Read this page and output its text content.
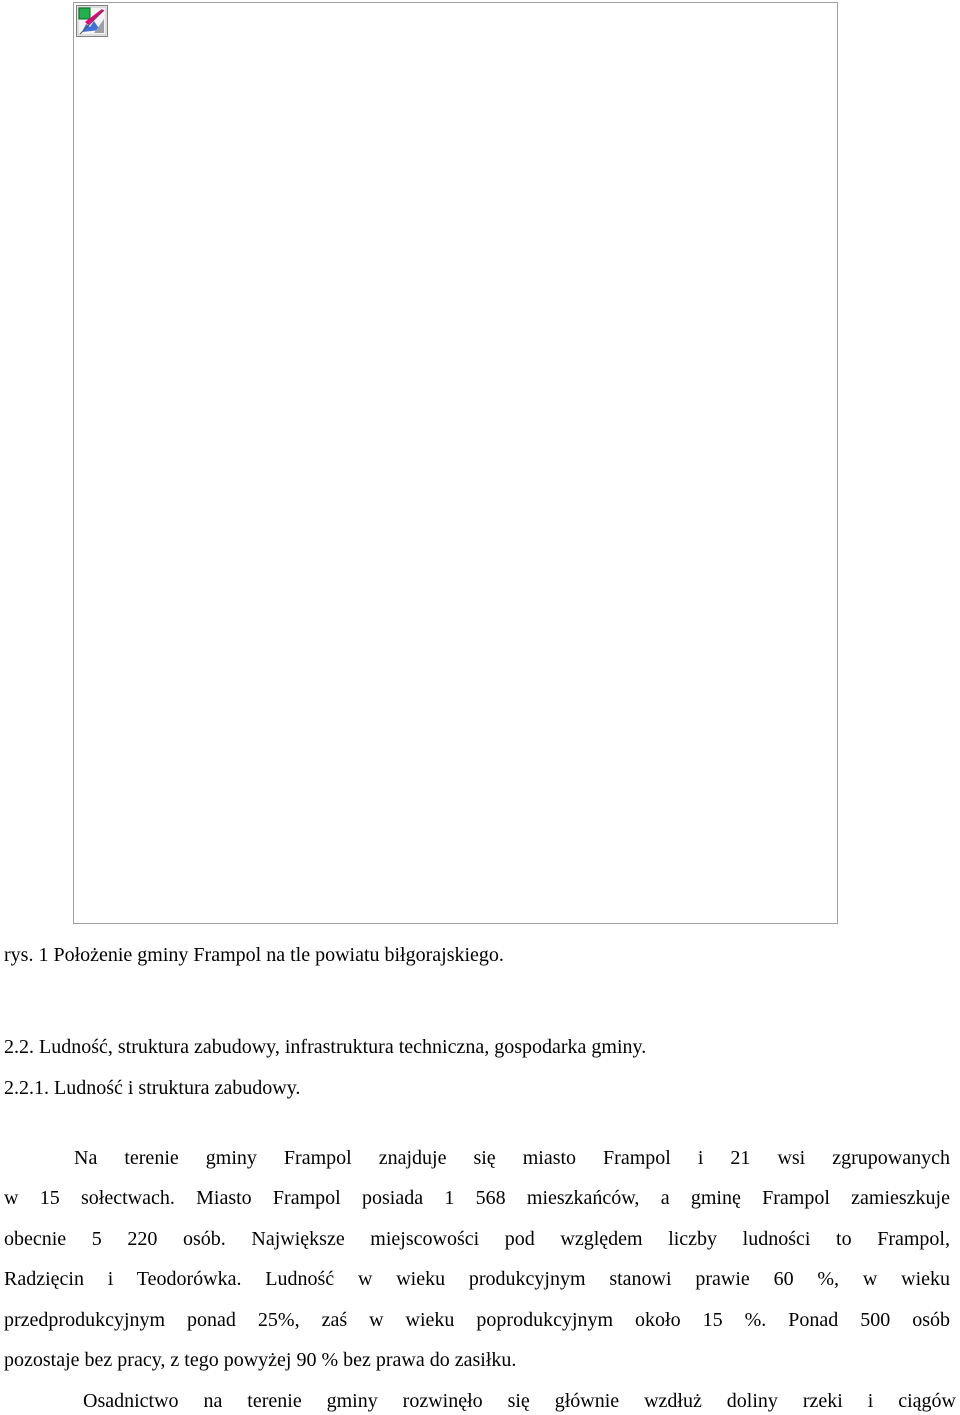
rys. 1 Położenie gminy Frampol na tle powiatu biłgorajskiego.
2.2. Ludność, struktura zabudowy, infrastruktura techniczna, gospodarka gminy.
2.2.1. Ludność i struktura zabudowy.
Na terenie gminy Frampol znajduje się miasto Frampol i 21 wsi zgrupowanych
w 15 sołectwach. Miasto Frampol posiada 1 568 mieszkańców, a gminę Frampol zamieszkuje
obecnie 5 220 osób. Największe miejscowości pod względem liczby ludności to Frampol,
Radzięcin i Teodorówka. Ludność w wieku produkcyjnym stanowi prawie 60 %, w wieku
przedprodukcyjnym ponad 25%, zaś w wieku poprodukcyjnym około 15 %. Ponad 500 osób
pozostaje bez pracy, z tego powyżej 90 % bez prawa do zasiłku.
Osadnictwo na terenie gminy rozwinęło się głównie wzdłuż doliny rzeki i ciągów
